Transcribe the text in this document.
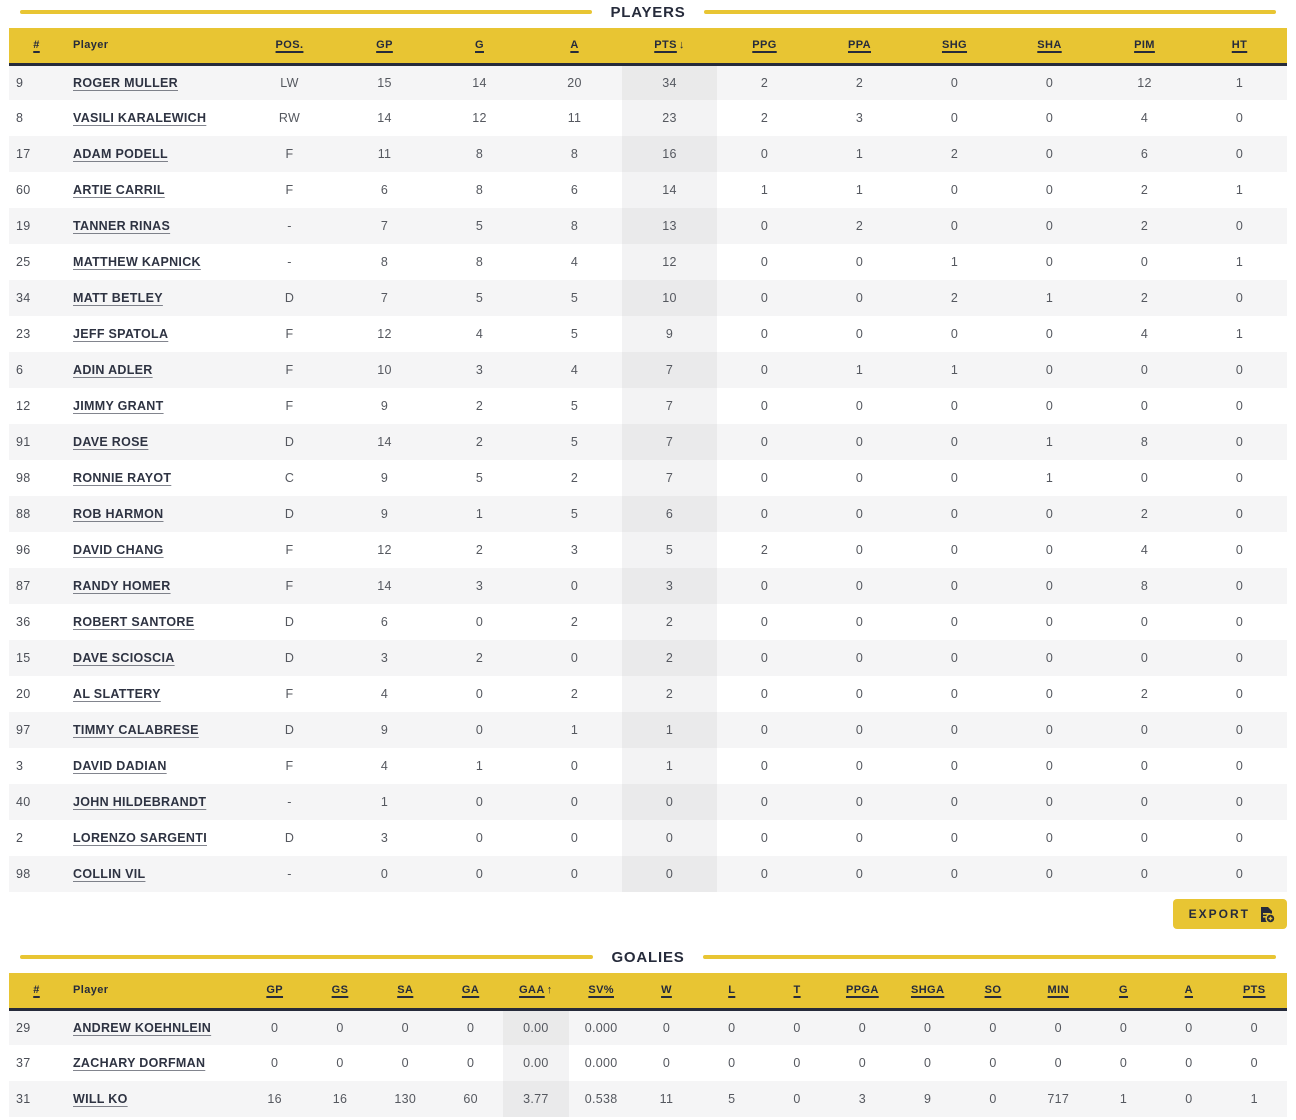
PLAYERS
#	Player	POS.	GP	G	A	PTS ↓	PPG	PPA	SHG	SHA	PIM	HT
9	ROGER MULLER	LW	15	14	20	34	2	2	0	0	12	1
8	VASILI KARALEWICH	RW	14	12	11	23	2	3	0	0	4	0
17	ADAM PODELL	F	11	8	8	16	0	1	2	0	6	0
60	ARTIE CARRIL	F	6	8	6	14	1	1	0	0	2	1
19	TANNER RINAS	-	7	5	8	13	0	2	0	0	2	0
25	MATTHEW KAPNICK	-	8	8	4	12	0	0	1	0	0	1
34	MATT BETLEY	D	7	5	5	10	0	0	2	1	2	0
23	JEFF SPATOLA	F	12	4	5	9	0	0	0	0	4	1
6	ADIN ADLER	F	10	3	4	7	0	1	1	0	0	0
12	JIMMY GRANT	F	9	2	5	7	0	0	0	0	0	0
91	DAVE ROSE	D	14	2	5	7	0	0	0	1	8	0
98	RONNIE RAYOT	C	9	5	2	7	0	0	0	1	0	0
88	ROB HARMON	D	9	1	5	6	0	0	0	0	2	0
96	DAVID CHANG	F	12	2	3	5	2	0	0	0	4	0
87	RANDY HOMER	F	14	3	0	3	0	0	0	0	8	0
36	ROBERT SANTORE	D	6	0	2	2	0	0	0	0	0	0
15	DAVE SCIOSCIA	D	3	2	0	2	0	0	0	0	0	0
20	AL SLATTERY	F	4	0	2	2	0	0	0	0	2	0
97	TIMMY CALABRESE	D	9	0	1	1	0	0	0	0	0	0
3	DAVID DADIAN	F	4	1	0	1	0	0	0	0	0	0
40	JOHN HILDEBRANDT	-	1	0	0	0	0	0	0	0	0	0
2	LORENZO SARGENTI	D	3	0	0	0	0	0	0	0	0	0
98	COLLIN VIL	-	0	0	0	0	0	0	0	0	0	0
EXPORT
GOALIES
#	Player	GP	GS	SA	GA	GAA ↑	SV%	W	L	T	PPGA	SHGA	SO	MIN	G	A	PTS
29	ANDREW KOEHNLEIN	0	0	0	0	0.00	0.000	0	0	0	0	0	0	0	0	0	0
37	ZACHARY DORFMAN	0	0	0	0	0.00	0.000	0	0	0	0	0	0	0	0	0	0
31	WILL KO	16	16	130	60	3.77	0.538	11	5	0	3	9	0	717	1	0	1
